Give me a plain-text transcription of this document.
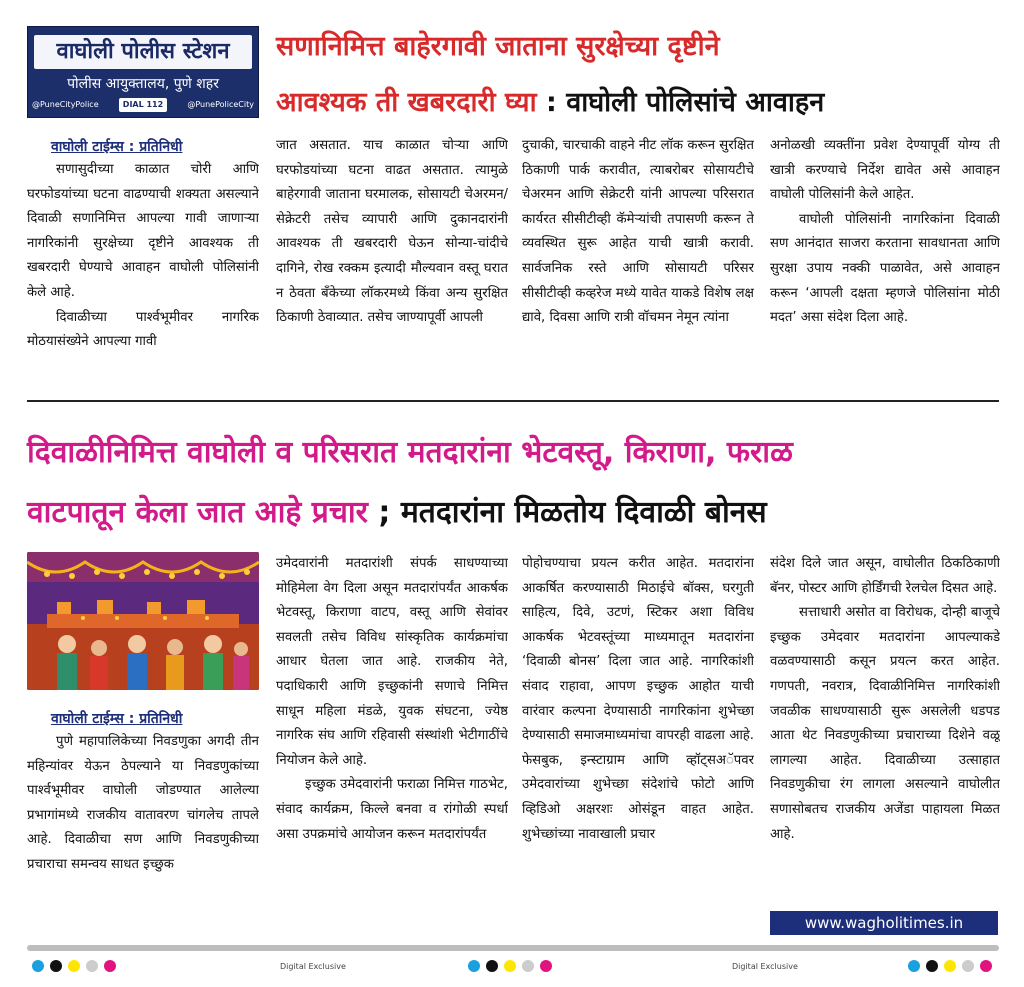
वाघोली पोलीस स्टेशन
पोलीस आयुक्तालय, पुणे शहर
@PuneCityPolice	DIAL 112	@PunePoliceCity
सणानिमित्त बाहेरगावी जाताना सुरक्षेच्या दृष्टीने
आवश्यक ती खबरदारी घ्या : वाघोली पोलिसांचे आवाहन
वाघोली टाईम्स : प्रतिनिधी

सणासुदीच्या काळात चोरी आणि घरफोडयांच्या घटना वाढण्याची शक्यता असल्याने दिवाळी सणानिमित्त आपल्या गावी जाणाऱ्या नागरिकांनी सुरक्षेच्या दृष्टीने आवश्यक ती खबरदारी घेण्याचे आवाहन वाघोली पोलिसांनी केले आहे.

दिवाळीच्या पार्श्वभूमीवर नागरिक मोठयासंख्येने आपल्या गावी

जात असतात. याच काळात चोऱ्या आणि घरफोडयांच्या घटना वाढत असतात. त्यामुळे बाहेरगावी जाताना घरमालक, सोसायटी चेअरमन/सेक्रेटरी तसेच व्यापारी आणि दुकानदारांनी आवश्यक ती खबरदारी घेऊन सोन्या-चांदीचे दागिने, रोख रक्कम इत्यादी मौल्यवान वस्तू घरात न ठेवता बँकेच्या लॉकरमध्ये किंवा अन्य सुरक्षित ठिकाणी ठेवाव्यात. तसेच जाण्यापूर्वी आपली

दुचाकी, चारचाकी वाहने नीट लॉक करून सुरक्षित ठिकाणी पार्क करावीत, त्याबरोबर सोसायटीचे चेअरमन आणि सेक्रेटरी यांनी आपल्या परिसरात कार्यरत सीसीटीव्ही कॅमेऱ्यांची तपासणी करून ते व्यवस्थित सुरू आहेत याची खात्री करावी. सार्वजनिक रस्ते आणि सोसायटी परिसर सीसीटीव्ही कव्हरेज मध्ये यावेत याकडे विशेष लक्ष द्यावे, दिवसा आणि रात्री वॉचमन नेमून त्यांना

अनोळखी व्यक्तींना प्रवेश देण्यापूर्वी योग्य ती खात्री करण्याचे निर्देश द्यावेत असे आवाहन वाघोली पोलिसांनी केले आहेत.

वाघोली पोलिसांनी नागरिकांना दिवाळी सण आनंदात साजरा करताना सावधानता आणि सुरक्षा उपाय नक्की पाळावेत, असे आवाहन करून ‘आपली दक्षता म्हणजे पोलिसांना मोठी मदत’ असा संदेश दिला आहे.

दिवाळीनिमित्त वाघोली व परिसरात मतदारांना भेटवस्तू, किराणा, फराळ
वाटपातून केला जात आहे प्रचार ; मतदारांना मिळतोय दिवाळी बोनस
वाघोली टाईम्स : प्रतिनिधी

पुणे महापालिकेच्या निवडणुका अगदी तीन महिन्यांवर येऊन ठेपल्याने या निवडणुकांच्या पार्श्वभूमीवर वाघोली जोडण्यात आलेल्या प्रभागांमध्ये राजकीय वातावरण चांगलेच तापले आहे. दिवाळीचा सण आणि निवडणुकीच्या प्रचाराचा समन्वय साधत इच्छुक

उमेदवारांनी मतदारांशी संपर्क साधण्याच्या मोहिमेला वेग दिला असून मतदारांपर्यंत आकर्षक भेटवस्तू, किराणा वाटप, वस्तू आणि सेवांवर सवलती तसेच विविध सांस्कृतिक कार्यक्रमांचा आधार घेतला जात आहे. राजकीय नेते, पदाधिकारी आणि इच्छुकांनी सणाचे निमित्त साधून महिला मंडळे, युवक संघटना, ज्येष्ठ नागरिक संघ आणि रहिवासी संस्थांशी भेटीगाठींचे नियोजन केले आहे.

इच्छुक उमेदवारांनी फराळा निमित्त गाठभेट, संवाद कार्यक्रम, किल्ले बनवा व रांगोळी स्पर्धा असा उपक्रमांचे आयोजन करून मतदारांपर्यंत

पोहोचण्याचा प्रयत्न करीत आहेत. मतदारांना आकर्षित करण्यासाठी मिठाईचे बॉक्स, घरगुती साहित्य, दिवे, उटणं, स्टिकर अशा विविध आकर्षक भेटवस्तूंच्या माध्यमातून मतदारांना ‘दिवाळी बोनस’ दिला जात आहे. नागरिकांशी संवाद राहावा, आपण इच्छुक आहोत याची वारंवार कल्पना देण्यासाठी नागरिकांना शुभेच्छा देण्यासाठी समाजमाध्यमांचा वापरही वाढला आहे. फेसबुक, इन्स्टाग्राम आणि व्हॉट्सअॅपवर उमेदवारांच्या शुभेच्छा संदेशांचे फोटो आणि व्हिडिओ अक्षरशः ओसंडून वाहत आहेत. शुभेच्छांच्या नावाखाली प्रचार

संदेश दिले जात असून, वाघोलीत ठिकठिकाणी बॅनर, पोस्टर आणि होर्डिंगची रेलचेल दिसत आहे.

सत्ताधारी असोत वा विरोधक, दोन्ही बाजूचे इच्छुक उमेदवार मतदारांना आपल्याकडे वळवण्यासाठी कसून प्रयत्न करत आहेत. गणपती, नवरात्र, दिवाळीनिमित्त नागरिकांशी जवळीक साधण्यासाठी सुरू असलेली धडपड आता थेट निवडणुकीच्या प्रचाराच्या दिशेने वळू लागल्या आहेत. दिवाळीच्या उत्साहात निवडणुकीचा रंग लागला असल्याने वाघोलीत सणासोबतच राजकीय अजेंडा पाहायला मिळत आहे.

www.wagholitimes.in
Digital Exclusive	Digital Exclusive
